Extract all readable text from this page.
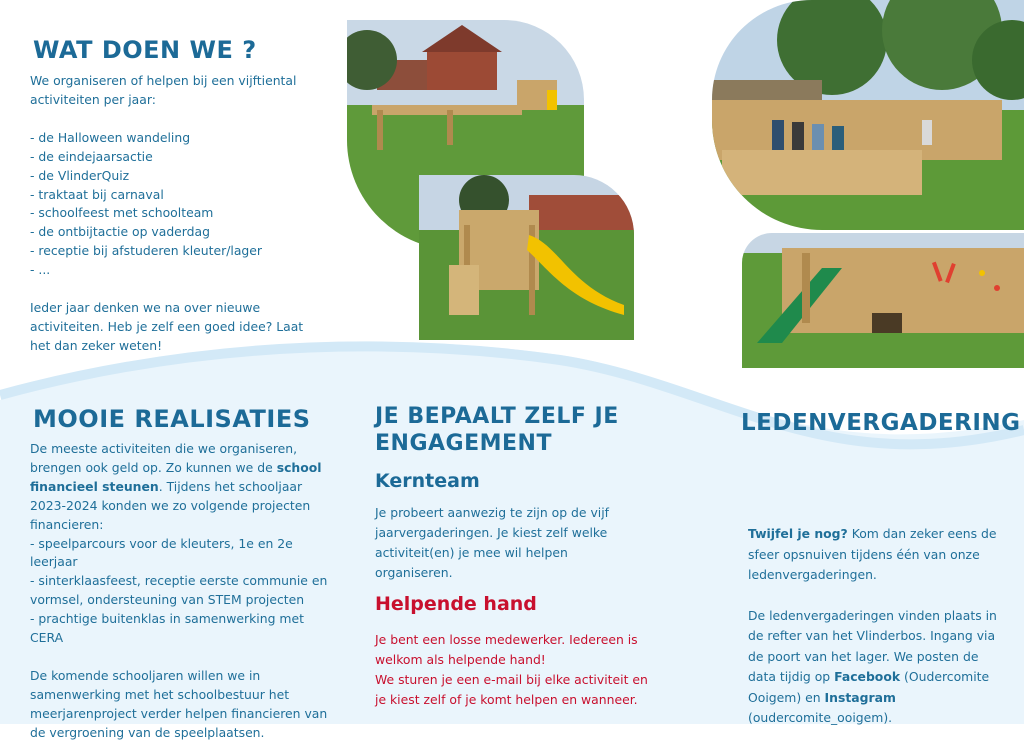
WAT DOEN WE ?
We organiseren of helpen bij een vijftiental activiteiten per jaar:
- de Halloween wandeling
- de eindejaarsactie
- de VlinderQuiz
- traktaat bij carnaval
- schoolfeest met schoolteam
- de ontbijtactie op vaderdag
- receptie bij afstuderen kleuter/lager
- ...
Ieder jaar denken we na over nieuwe activiteiten. Heb je zelf een goed idee? Laat het dan zeker weten!
MOOIE REALISATIES
De meeste activiteiten die we organiseren, brengen ook geld op. Zo kunnen we de school financieel steunen. Tijdens het schooljaar 2023-2024 konden we zo volgende projecten financieren:
- speelparcours voor de kleuters, 1e en 2e leerjaar
- sinterklaasfeest, receptie eerste communie en vormsel, ondersteuning van STEM projecten
- prachtige buitenklas in samenwerking met CERA
De komende schooljaren willen we in samenwerking met het schoolbestuur het meerjarenproject verder helpen financieren van de vergroening van de speelplaatsen.
JE BEPAALT ZELF JE ENGAGEMENT
Kernteam
Je probeert aanwezig te zijn op de vijf jaarvergaderingen. Je kiest zelf welke activiteit(en) je mee wil helpen organiseren.
Helpende hand
Je bent een losse medewerker. Iedereen is welkom als helpende hand!
We sturen je een e-mail bij elke activiteit en je kiest zelf of je komt helpen en wanneer.
LEDENVERGADERING
Twijfel je nog? Kom dan zeker eens de sfeer opsnuiven tijdens één van onze ledenvergaderingen.
De ledenvergaderingen vinden plaats in de refter van het Vlinderbos. Ingang via de poort van het lager. We posten de data tijdig op Facebook (Oudercomite Ooigem) en Instagram (oudercomite_ooigem).
